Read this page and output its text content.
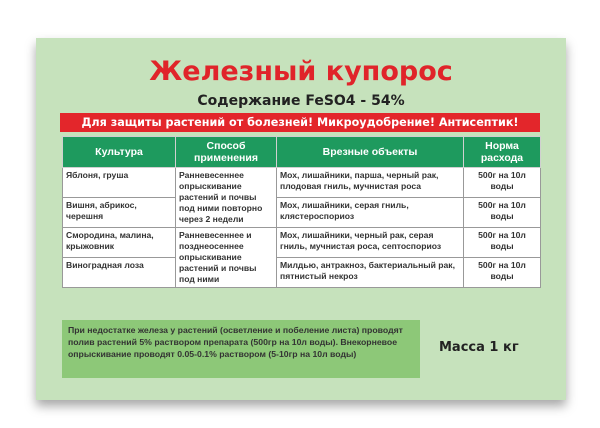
Железный купорос
Содержание FeSO4 - 54%
Для защиты растений от болезней! Микроудобрение! Антисептик!
Культура	Способ применения	Врезные объекты	Норма расхода
Яблоня, груша	Ранневесеннее опрыскивание растений и почвы под ними повторно через 2 недели	Мох, лишайники, парша, черный рак, плодовая гниль, мучнистая роса	500г на 10л воды
Вишня, абрикос, черешня		Мох, лишайники, серая гниль, клястероспориоз	500г на 10л воды
Смородина, малина, крыжовник	Ранневесеннее и позднеосеннее опрыскивание растений и почвы под ними	Мох, лишайники, черный рак, серая гниль, мучнистая роса, септоспориоз	500г на 10л воды
Виноградная лоза		Милдью, антракноз, бактериальный рак, пятнистый некроз	500г на 10л воды
При недостатке железа у растений (осветление и побеление листа) проводят полив растений 5% раствором препарата (500гр на 10л воды). Внекорневое опрыскивание проводят 0.05-0.1% раствором (5-10гр на 10л воды)	Масса 1 кг
